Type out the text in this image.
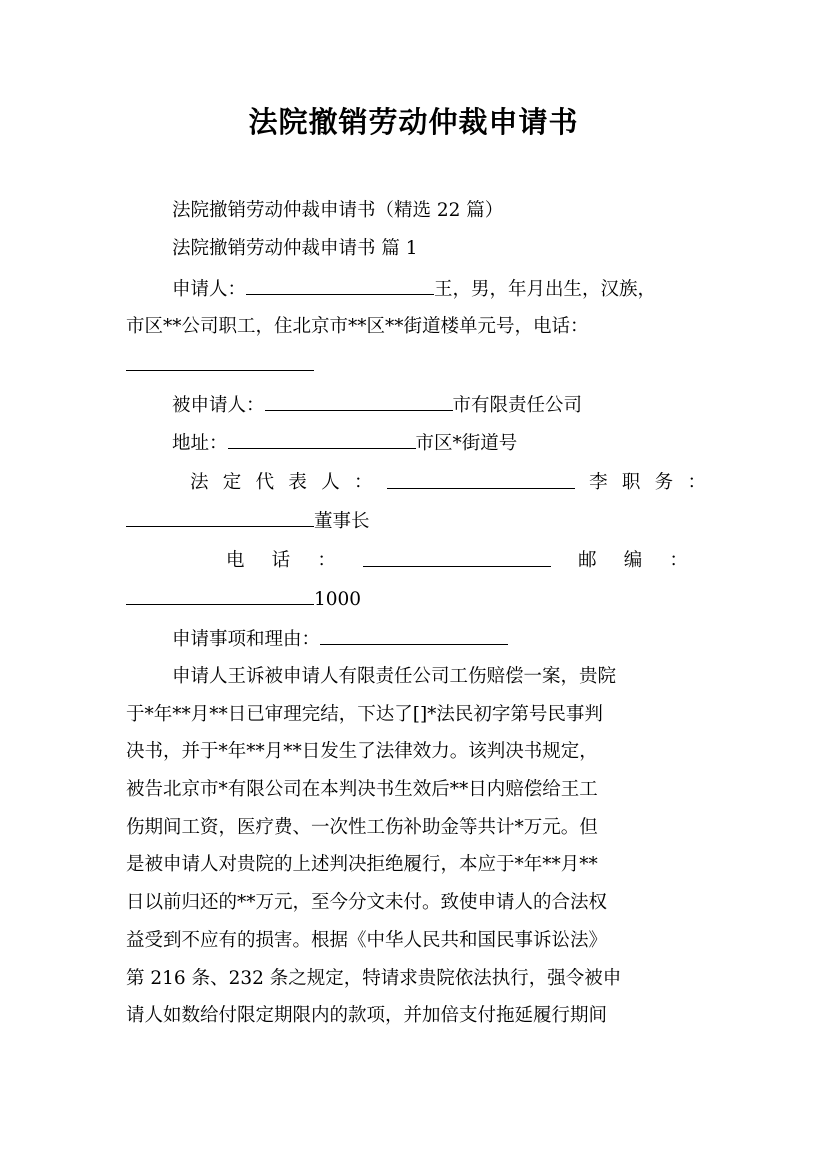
法院撤销劳动仲裁申请书
法院撤销劳动仲裁申请书（精选 22 篇）
法院撤销劳动仲裁申请书 篇 1
申请人：	王，男，年月出生，汉族，
市区**公司职工，住北京市**区**街道楼单元号，电话：
被申请人：	市有限责任公司
地址：	市区*街道号
法 定 代 表 人 ：	李 职 务 ：
董事长
电 话 ：	邮 编 ：
1000
申请事项和理由：
申请人王诉被申请人有限责任公司工伤赔偿一案，贵院
于*年**月**日已审理完结，下达了[]*法民初字第号民事判
决书，并于*年**月**日发生了法律效力。该判决书规定，
被告北京市*有限公司在本判决书生效后**日内赔偿给王工
伤期间工资，医疗费、一次性工伤补助金等共计*万元。但
是被申请人对贵院的上述判决拒绝履行，本应于*年**月**
日以前归还的**万元，至今分文未付。致使申请人的合法权
益受到不应有的损害。根据《中华人民共和国民事诉讼法》
第 216 条、232 条之规定，特请求贵院依法执行，强令被申
请人如数给付限定期限内的款项，并加倍支付拖延履行期间
